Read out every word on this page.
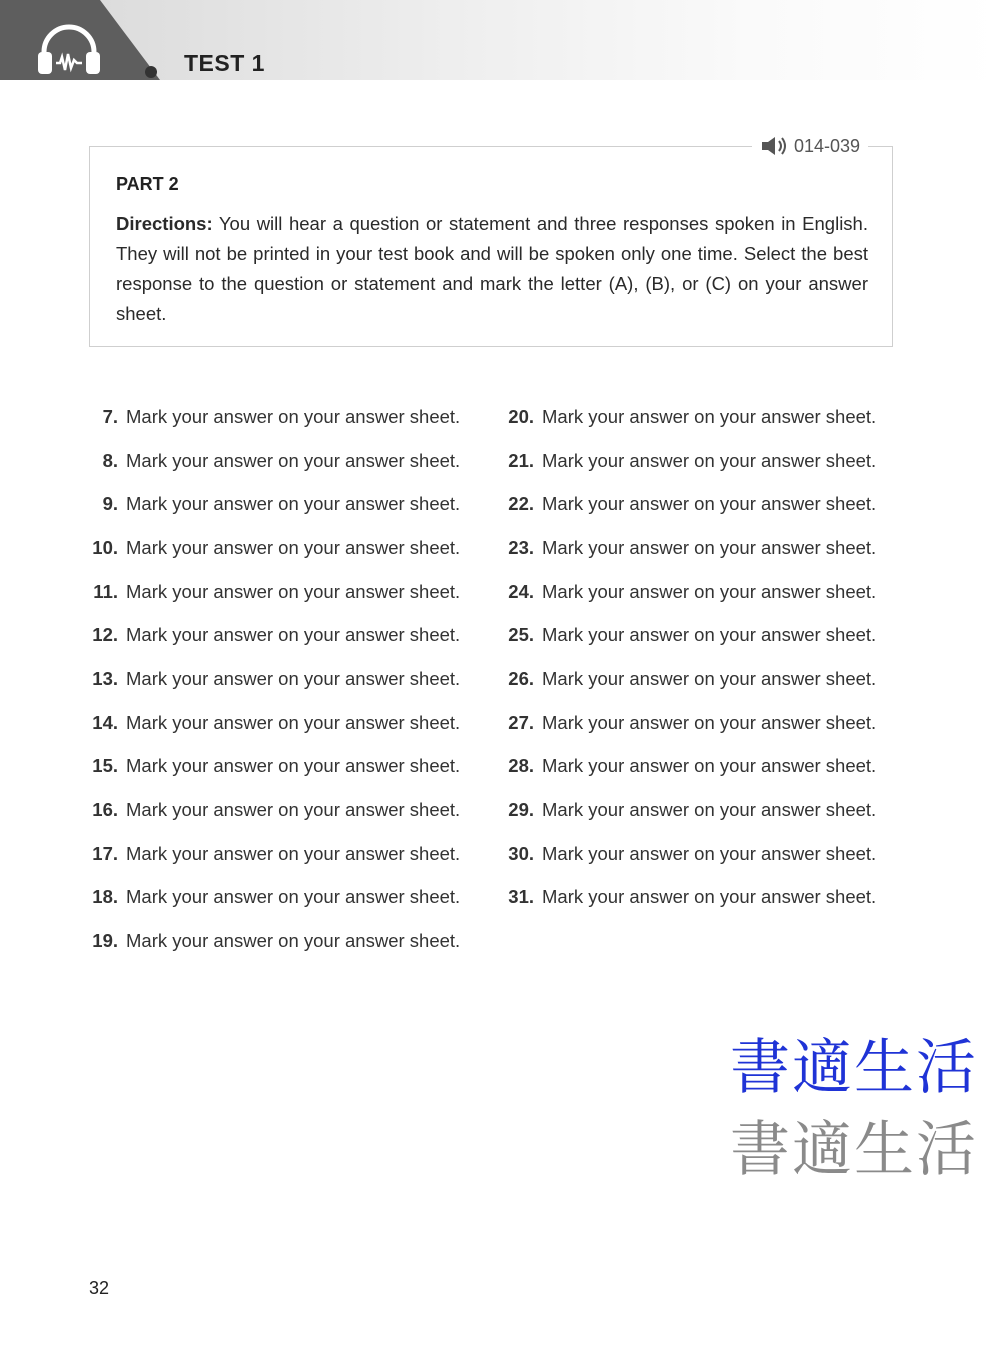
TEST 1
014-039
PART 2
Directions: You will hear a question or statement and three responses spoken in English. They will not be printed in your test book and will be spoken only one time. Select the best response to the question or statement and mark the letter (A), (B), or (C) on your answer sheet.
7. Mark your answer on your answer sheet.
8. Mark your answer on your answer sheet.
9. Mark your answer on your answer sheet.
10. Mark your answer on your answer sheet.
11. Mark your answer on your answer sheet.
12. Mark your answer on your answer sheet.
13. Mark your answer on your answer sheet.
14. Mark your answer on your answer sheet.
15. Mark your answer on your answer sheet.
16. Mark your answer on your answer sheet.
17. Mark your answer on your answer sheet.
18. Mark your answer on your answer sheet.
19. Mark your answer on your answer sheet.
20. Mark your answer on your answer sheet.
21. Mark your answer on your answer sheet.
22. Mark your answer on your answer sheet.
23. Mark your answer on your answer sheet.
24. Mark your answer on your answer sheet.
25. Mark your answer on your answer sheet.
26. Mark your answer on your answer sheet.
27. Mark your answer on your answer sheet.
28. Mark your answer on your answer sheet.
29. Mark your answer on your answer sheet.
30. Mark your answer on your answer sheet.
31. Mark your answer on your answer sheet.
書適生活
書適生活
32
